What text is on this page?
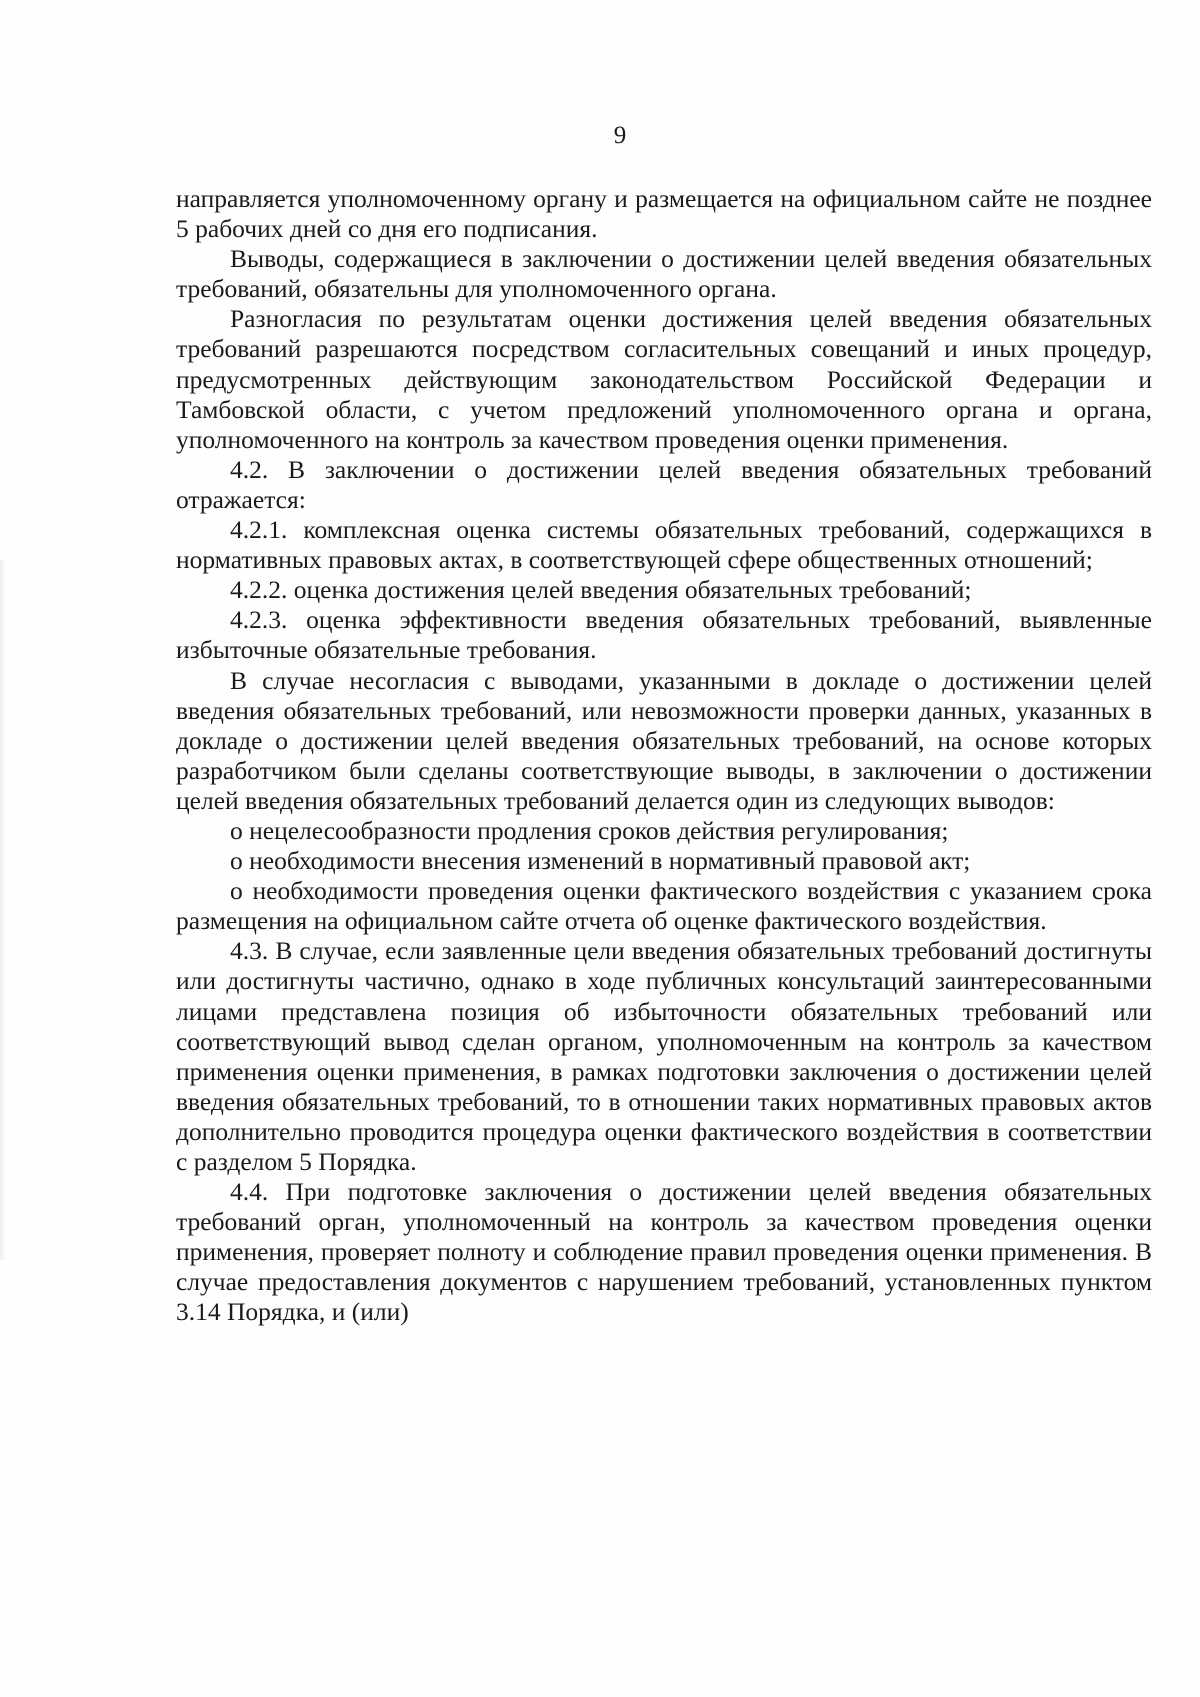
9

направляется уполномоченному органу и размещается на официальном сайте не позднее 5 рабочих дней со дня его подписания.

Выводы, содержащиеся в заключении о достижении целей введения обязательных требований, обязательны для уполномоченного органа.

Разногласия по результатам оценки достижения целей введения обязательных требований разрешаются посредством согласительных совещаний и иных процедур, предусмотренных действующим законодательством Российской Федерации и Тамбовской области, с учетом предложений уполномоченного органа и органа, уполномоченного на контроль за качеством проведения оценки применения.

4.2. В заключении о достижении целей введения обязательных требований отражается:

4.2.1. комплексная оценка системы обязательных требований, содержащихся в нормативных правовых актах, в соответствующей сфере общественных отношений;

4.2.2. оценка достижения целей введения обязательных требований;

4.2.3. оценка эффективности введения обязательных требований, выявленные избыточные обязательные требования.

В случае несогласия с выводами, указанными в докладе о достижении целей введения обязательных требований, или невозможности проверки данных, указанных в докладе о достижении целей введения обязательных требований, на основе которых разработчиком были сделаны соответствующие выводы, в заключении о достижении целей введения обязательных требований делается один из следующих выводов:

о нецелесообразности продления сроков действия регулирования;

о необходимости внесения изменений в нормативный правовой акт;

о необходимости проведения оценки фактического воздействия с указанием срока размещения на официальном сайте отчета об оценке фактического воздействия.

4.3. В случае, если заявленные цели введения обязательных требований достигнуты или достигнуты частично, однако в ходе публичных консультаций заинтересованными лицами представлена позиция об избыточности обязательных требований или соответствующий вывод сделан органом, уполномоченным на контроль за качеством применения оценки применения, в рамках подготовки заключения о достижении целей введения обязательных требований, то в отношении таких нормативных правовых актов дополнительно проводится процедура оценки фактического воздействия в соответствии с разделом 5 Порядка.

4.4. При подготовке заключения о достижении целей введения обязательных требований орган, уполномоченный на контроль за качеством проведения оценки применения, проверяет полноту и соблюдение правил проведения оценки применения. В случае предоставления документов с нарушением требований, установленных пунктом 3.14 Порядка, и (или)
